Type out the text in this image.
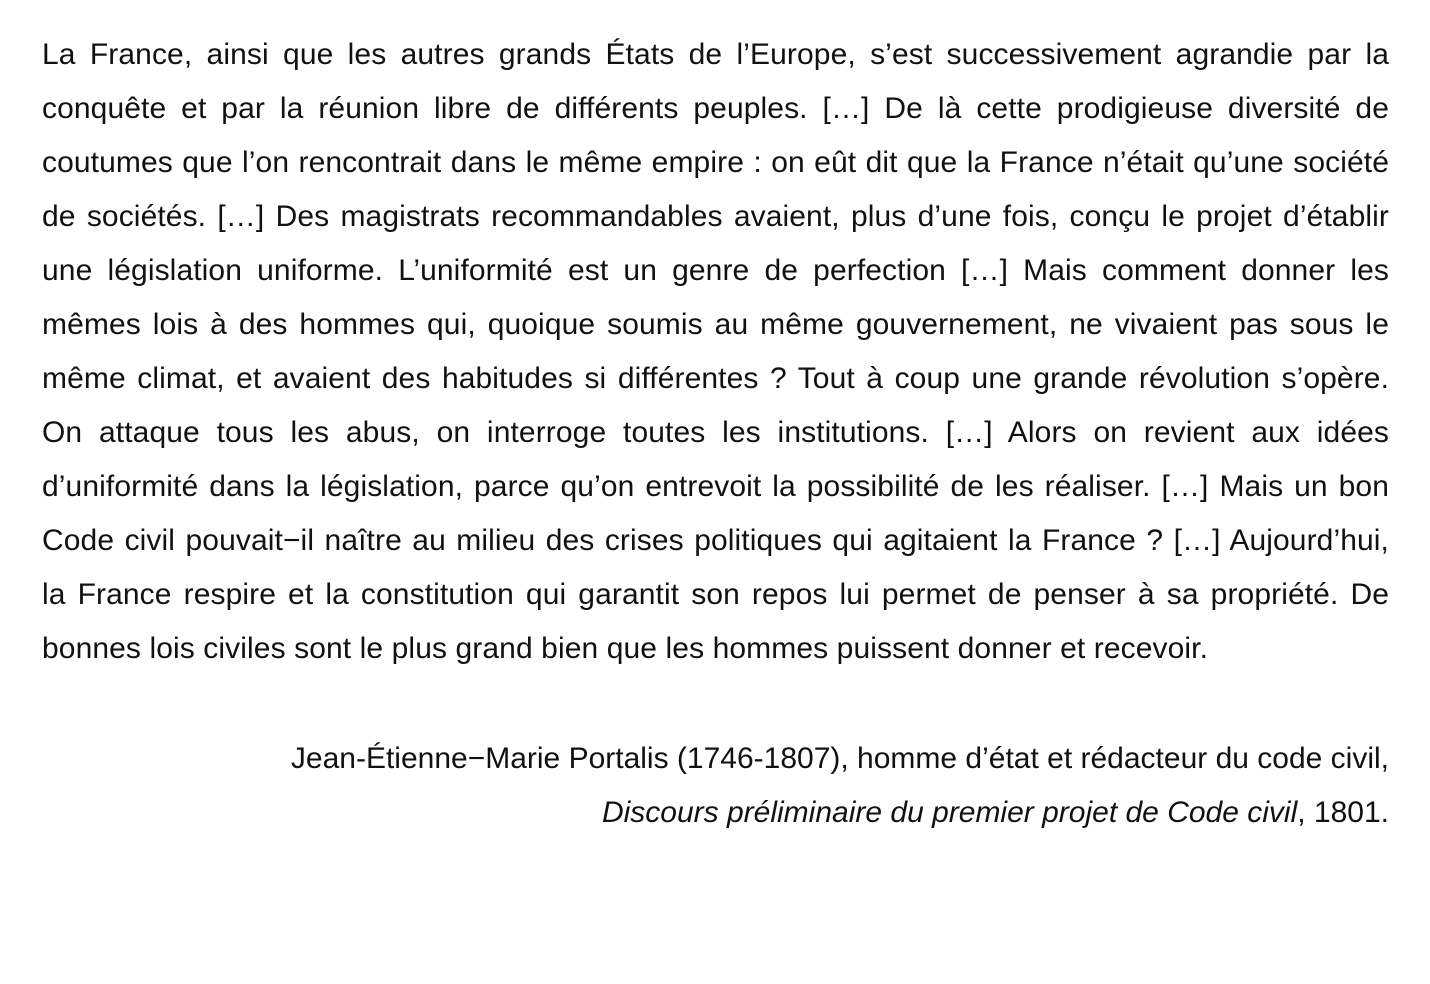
La France, ainsi que les autres grands États de l’Europe, s’est successivement agrandie par la conquête et par la réunion libre de différents peuples. […] De là cette prodigieuse diversité de coutumes que l’on rencontrait dans le même empire : on eût dit que la France n’était qu’une société de sociétés. […] Des magistrats recommandables avaient, plus d’une fois, conçu le projet d’établir une législation uniforme. L’uniformité est un genre de perfection […] Mais comment donner les mêmes lois à des hommes qui, quoique soumis au même gouvernement, ne vivaient pas sous le même climat, et avaient des habitudes si différentes ? Tout à coup une grande révolution s’opère. On attaque tous les abus, on interroge toutes les institutions. […] Alors on revient aux idées d’uniformité dans la législation, parce qu’on entrevoit la possibilité de les réaliser. […] Mais un bon Code civil pouvait−il naître au milieu des crises politiques qui agitaient la France ? […] Aujourd’hui, la France respire et la constitution qui garantit son repos lui permet de penser à sa propriété. De bonnes lois civiles sont le plus grand bien que les hommes puissent donner et recevoir.

Jean-Étienne−Marie Portalis (1746-1807), homme d’état et rédacteur du code civil,
Discours préliminaire du premier projet de Code civil, 1801.
